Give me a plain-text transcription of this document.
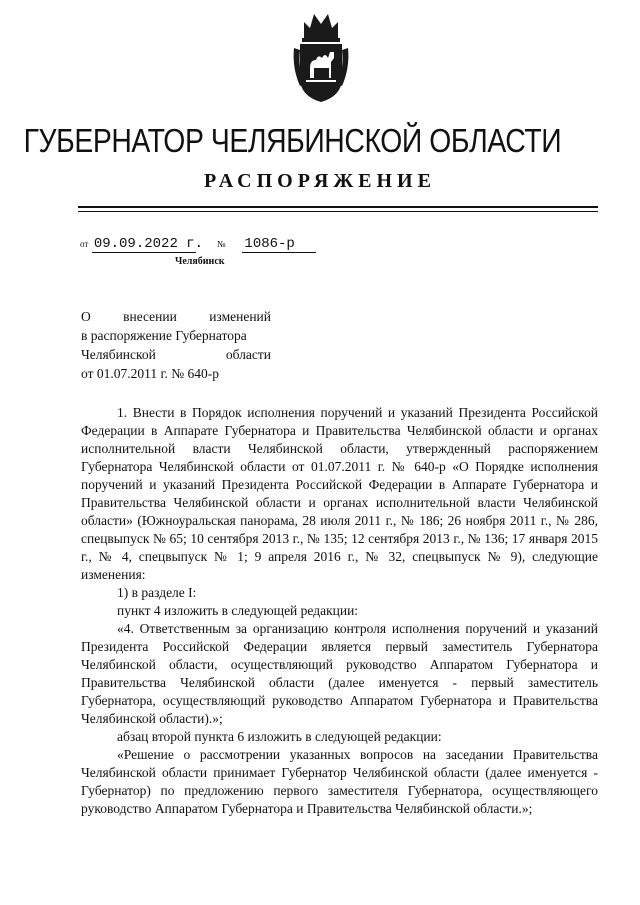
ГУБЕРНАТОР ЧЕЛЯБИНСКОЙ ОБЛАСТИ
РАСПОРЯЖЕНИЕ
от 09.09.2022 г. № 1086-р
Челябинск
О внесении изменений
в распоряжение Губернатора
Челябинской области
от 01.07.2011 г. № 640-р

1. Внести в Порядок исполнения поручений и указаний Президента Российской Федерации в Аппарате Губернатора и Правительства Челябинской области и органах исполнительной власти Челябинской области, утвержденный распоряжением Губернатора Челябинской области от 01.07.2011 г. № 640-р «О Порядке исполнения поручений и указаний Президента Российской Федерации в Аппарате Губернатора и Правительства Челябинской области и органах исполнительной власти Челябинской области» (Южноуральская панорама, 28 июля 2011 г., № 186; 26 ноября 2011 г., № 286, спецвыпуск № 65; 10 сентября 2013 г., № 135; 12 сентября 2013 г., № 136; 17 января 2015 г., № 4, спецвыпуск № 1; 9 апреля 2016 г., № 32, спецвыпуск № 9), следующие изменения:

1) в разделе I:

пункт 4 изложить в следующей редакции:

«4. Ответственным за организацию контроля исполнения поручений и указаний Президента Российской Федерации является первый заместитель Губернатора Челябинской области, осуществляющий руководство Аппаратом Губернатора и Правительства Челябинской области (далее именуется - первый заместитель Губернатора, осуществляющий руководство Аппаратом Губернатора и Правительства Челябинской области).»;

абзац второй пункта 6 изложить в следующей редакции:

«Решение о рассмотрении указанных вопросов на заседании Правительства Челябинской области принимает Губернатор Челябинской области (далее именуется - Губернатор) по предложению первого заместителя Губернатора, осуществляющего руководство Аппаратом Губернатора и Правительства Челябинской области.»;
